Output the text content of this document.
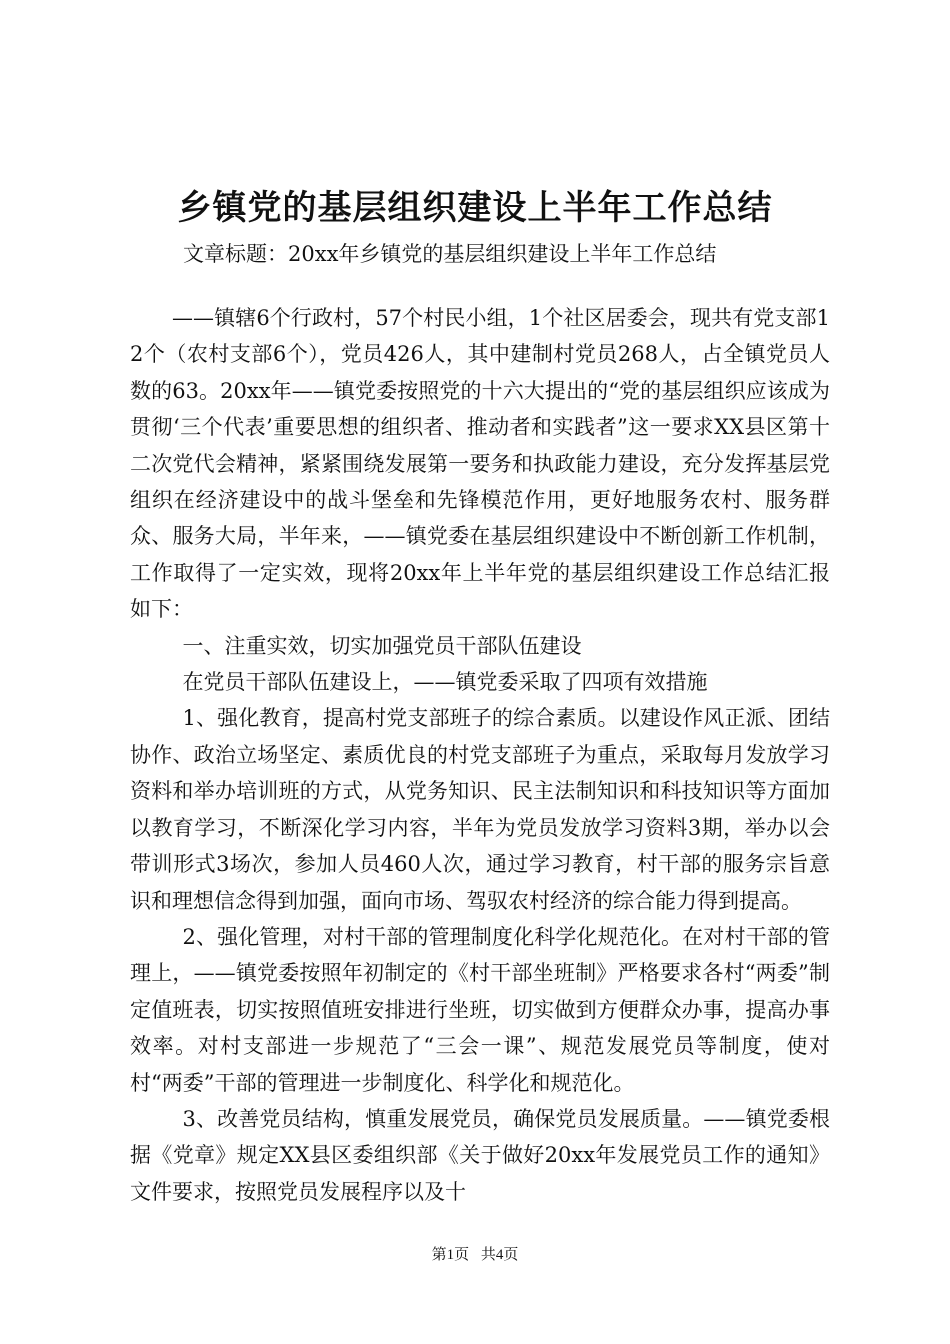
乡镇党的基层组织建设上半年工作总结

文章标题：20xx年乡镇党的基层组织建设上半年工作总结

——镇辖6个行政村，57个村民小组，1个社区居委会，现共有党支部12个（农村支部6个），党员426人，其中建制村党员268人，占全镇党员人数的63。20xx年——镇党委按照党的十六大提出的“党的基层组织应该成为贯彻‘三个代表’重要思想的组织者、推动者和实践者”这一要求XX县区第十二次党代会精神，紧紧围绕发展第一要务和执政能力建设，充分发挥基层党组织在经济建设中的战斗堡垒和先锋模范作用，更好地服务农村、服务群众、服务大局，半年来，——镇党委在基层组织建设中不断创新工作机制，工作取得了一定实效，现将20xx年上半年党的基层组织建设工作总结汇报如下：

一、注重实效，切实加强党员干部队伍建设

在党员干部队伍建设上，——镇党委采取了四项有效措施

1、强化教育，提高村党支部班子的综合素质。以建设作风正派、团结协作、政治立场坚定、素质优良的村党支部班子为重点，采取每月发放学习资料和举办培训班的方式，从党务知识、民主法制知识和科技知识等方面加以教育学习，不断深化学习内容，半年为党员发放学习资料3期，举办以会带训形式3场次，参加人员460人次，通过学习教育，村干部的服务宗旨意识和理想信念得到加强，面向市场、驾驭农村经济的综合能力得到提高。

2、强化管理，对村干部的管理制度化科学化规范化。在对村干部的管理上，——镇党委按照年初制定的《村干部坐班制》严格要求各村“两委”制定值班表，切实按照值班安排进行坐班，切实做到方便群众办事，提高办事效率。对村支部进一步规范了“三会一课”、规范发展党员等制度，使对村“两委”干部的管理进一步制度化、科学化和规范化。

3、改善党员结构，慎重发展党员，确保党员发展质量。——镇党委根据《党章》规定XX县区委组织部《关于做好20xx年发展党员工作的通知》文件要求，按照党员发展程序以及十

第1页 共4页
